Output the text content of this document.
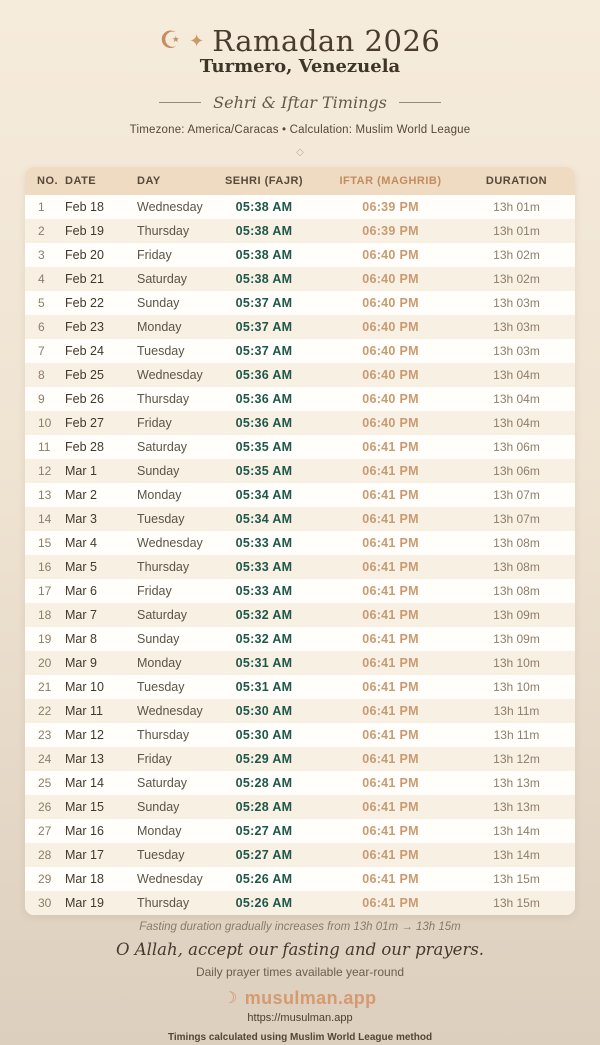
☪ ✦ Ramadan 2026
Turmero, Venezuela
Sehri & Iftar Timings
Timezone: America/Caracas • Calculation: Muslim World League
◇
NO.	DATE	DAY	SEHRI (FAJR)	IFTAR (MAGHRIB)	DURATION
1	Feb 18	Wednesday	05:38 AM	06:39 PM	13h 01m
2	Feb 19	Thursday	05:38 AM	06:39 PM	13h 01m
3	Feb 20	Friday	05:38 AM	06:40 PM	13h 02m
4	Feb 21	Saturday	05:38 AM	06:40 PM	13h 02m
5	Feb 22	Sunday	05:37 AM	06:40 PM	13h 03m
6	Feb 23	Monday	05:37 AM	06:40 PM	13h 03m
7	Feb 24	Tuesday	05:37 AM	06:40 PM	13h 03m
8	Feb 25	Wednesday	05:36 AM	06:40 PM	13h 04m
9	Feb 26	Thursday	05:36 AM	06:40 PM	13h 04m
10	Feb 27	Friday	05:36 AM	06:40 PM	13h 04m
11	Feb 28	Saturday	05:35 AM	06:41 PM	13h 06m
12	Mar 1	Sunday	05:35 AM	06:41 PM	13h 06m
13	Mar 2	Monday	05:34 AM	06:41 PM	13h 07m
14	Mar 3	Tuesday	05:34 AM	06:41 PM	13h 07m
15	Mar 4	Wednesday	05:33 AM	06:41 PM	13h 08m
16	Mar 5	Thursday	05:33 AM	06:41 PM	13h 08m
17	Mar 6	Friday	05:33 AM	06:41 PM	13h 08m
18	Mar 7	Saturday	05:32 AM	06:41 PM	13h 09m
19	Mar 8	Sunday	05:32 AM	06:41 PM	13h 09m
20	Mar 9	Monday	05:31 AM	06:41 PM	13h 10m
21	Mar 10	Tuesday	05:31 AM	06:41 PM	13h 10m
22	Mar 11	Wednesday	05:30 AM	06:41 PM	13h 11m
23	Mar 12	Thursday	05:30 AM	06:41 PM	13h 11m
24	Mar 13	Friday	05:29 AM	06:41 PM	13h 12m
25	Mar 14	Saturday	05:28 AM	06:41 PM	13h 13m
26	Mar 15	Sunday	05:28 AM	06:41 PM	13h 13m
27	Mar 16	Monday	05:27 AM	06:41 PM	13h 14m
28	Mar 17	Tuesday	05:27 AM	06:41 PM	13h 14m
29	Mar 18	Wednesday	05:26 AM	06:41 PM	13h 15m
30	Mar 19	Thursday	05:26 AM	06:41 PM	13h 15m
Fasting duration gradually increases from 13h 01m → 13h 15m
O Allah, accept our fasting and our prayers.
Daily prayer times available year-round
☾ musulman.app
https://musulman.app
Timings calculated using Muslim World League method
